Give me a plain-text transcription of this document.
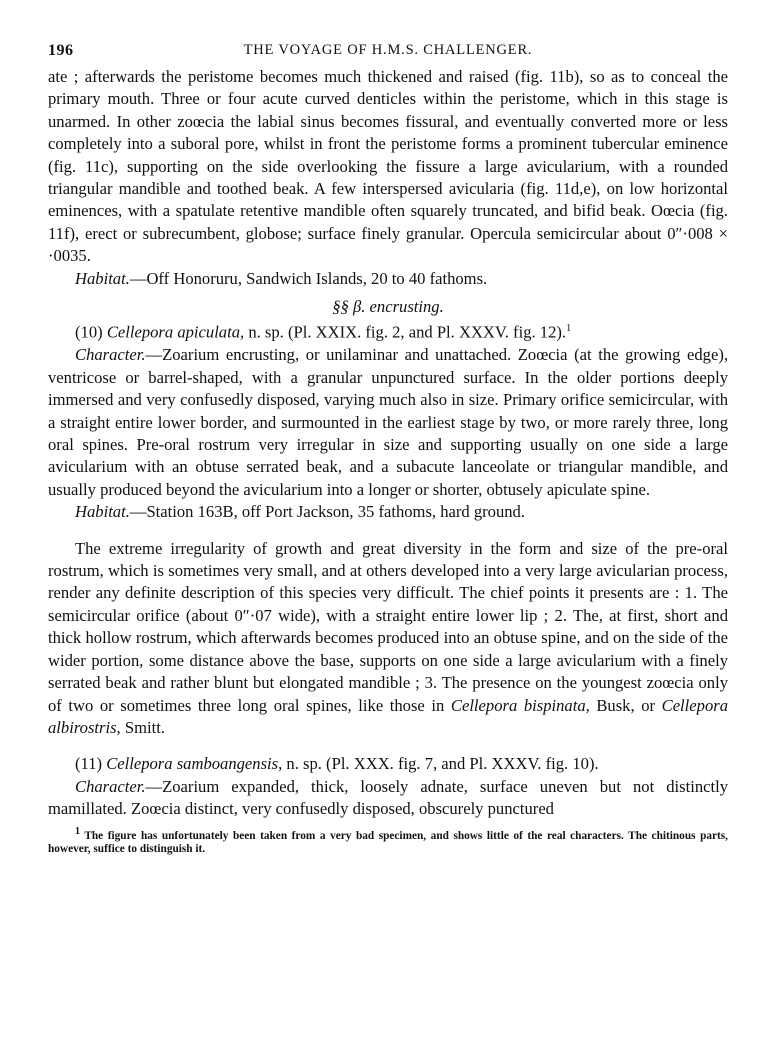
196	THE VOYAGE OF H.M.S. CHALLENGER.

ate ; afterwards the peristome becomes much thickened and raised (fig. 11b), so as to conceal the primary mouth. Three or four acute curved denticles within the peristome, which in this stage is unarmed. In other zoœcia the labial sinus becomes fissural, and eventually converted more or less completely into a suboral pore, whilst in front the peristome forms a prominent tubercular eminence (fig. 11c), supporting on the side overlooking the fissure a large avicularium, with a rounded triangular mandible and toothed beak. A few interspersed avicularia (fig. 11d,e), on low horizontal eminences, with a spatulate retentive mandible often squarely truncated, and bifid beak. Oœcia (fig. 11f), erect or subrecumbent, globose; surface finely granular. Opercula semicircular about 0″·008 × ·0035.

Habitat.—Off Honoruru, Sandwich Islands, 20 to 40 fathoms.

§§ β. encrusting.

(10) Cellepora apiculata, n. sp. (Pl. XXIX. fig. 2, and Pl. XXXV. fig. 12).$^1$

Character.—Zoarium encrusting, or unilaminar and unattached. Zoœcia (at the growing edge), ventricose or barrel-shaped, with a granular unpunctured surface. In the older portions deeply immersed and very confusedly disposed, varying much also in size. Primary orifice semicircular, with a straight entire lower border, and surmounted in the earliest stage by two, or more rarely three, long oral spines. Pre-oral rostrum very irregular in size and supporting usually on one side a large avicularium with an obtuse serrated beak, and a subacute lanceolate or triangular mandible, and usually produced beyond the avicularium into a longer or shorter, obtusely apiculate spine.

Habitat.—Station 163B, off Port Jackson, 35 fathoms, hard ground.

The extreme irregularity of growth and great diversity in the form and size of the pre-oral rostrum, which is sometimes very small, and at others developed into a very large avicularian process, render any definite description of this species very difficult. The chief points it presents are : 1. The semicircular orifice (about 0″·07 wide), with a straight entire lower lip ; 2. The, at first, short and thick hollow rostrum, which afterwards becomes produced into an obtuse spine, and on the side of the wider portion, some distance above the base, supports on one side a large avicularium with a finely serrated beak and rather blunt but elongated mandible ; 3. The presence on the youngest zoœcia only of two or sometimes three long oral spines, like those in Cellepora bispinata, Busk, or Cellepora albirostris, Smitt.

(11) Cellepora samboangensis, n. sp. (Pl. XXX. fig. 7, and Pl. XXXV. fig. 10).

Character.—Zoarium expanded, thick, loosely adnate, surface uneven but not distinctly mamillated. Zoœcia distinct, very confusedly disposed, obscurely punctured

1 The figure has unfortunately been taken from a very bad specimen, and shows little of the real characters. The chitinous parts, however, suffice to distinguish it.
